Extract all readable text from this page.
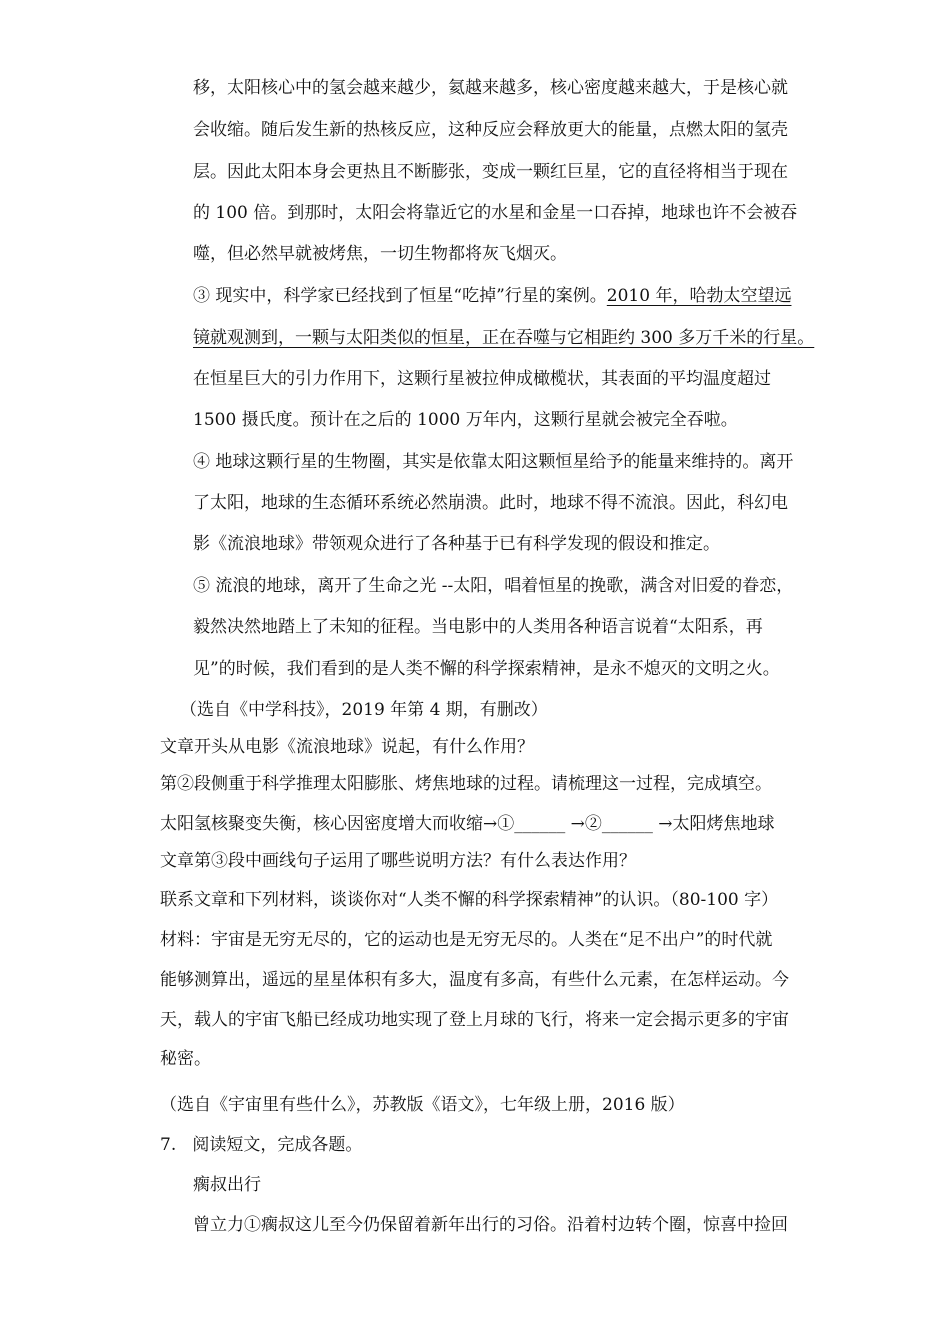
移，太阳核心中的氢会越来越少，氦越来越多，核心密度越来越大，于是核心就
会收缩。随后发生新的热核反应，这种反应会释放更大的能量，点燃太阳的氢壳
层。因此太阳本身会更热且不断膨张，变成一颗红巨星，它的直径将相当于现在
的 100 倍。到那时，太阳会将靠近它的水星和金星一口吞掉，地球也许不会被吞
噬，但必然早就被烤焦，一切生物都将灰飞烟灭。
③ 现实中，科学家已经找到了恒星“吃掉”行星的案例。2010 年，哈勃太空望远
镜就观测到，一颗与太阳类似的恒星，正在吞噬与它相距约 300 多万千米的行星。
在恒星巨大的引力作用下，这颗行星被拉伸成橄榄状，其表面的平均温度超过
1500 摄氏度。预计在之后的 1000 万年内，这颗行星就会被完全吞啦。
④ 地球这颗行星的生物圈，其实是依靠太阳这颗恒星给予的能量来维持的。离开
了太阳，地球的生态循环系统必然崩溃。此时，地球不得不流浪。因此，科幻电
影《流浪地球》带领观众进行了各种基于已有科学发现的假设和推定。
⑤ 流浪的地球，离开了生命之光 --太阳，唱着恒星的挽歌，满含对旧爱的眷恋，
毅然决然地踏上了未知的征程。当电影中的人类用各种语言说着“太阳系，再
见”的时候，我们看到的是人类不懈的科学探索精神，是永不熄灭的文明之火。
（选自《中学科技》，2019 年第 4 期，有删改）
文章开头从电影《流浪地球》说起，有什么作用？
第②段侧重于科学推理太阳膨胀、烤焦地球的过程。请梳理这一过程，完成填空。
太阳氢核聚变失衡，核心因密度增大而收缩→①______ →②______ →太阳烤焦地球
文章第③段中画线句子运用了哪些说明方法？有什么表达作用？
联系文章和下列材料，谈谈你对“人类不懈的科学探索精神”的认识。（80-100 字）
材料：宇宙是无穷无尽的，它的运动也是无穷无尽的。人类在“足不出户”的时代就
能够测算出，遥远的星星体积有多大，温度有多高，有些什么元素，在怎样运动。今
天，载人的宇宙飞船已经成功地实现了登上月球的飞行，将来一定会揭示更多的宇宙
秘密。
（选自《宇宙里有些什么》，苏教版《语文》，七年级上册，2016 版）
7.   阅读短文，完成各题。
瘸叔出行
曾立力①瘸叔这儿至今仍保留着新年出行的习俗。沿着村边转个圈，惊喜中捡回
